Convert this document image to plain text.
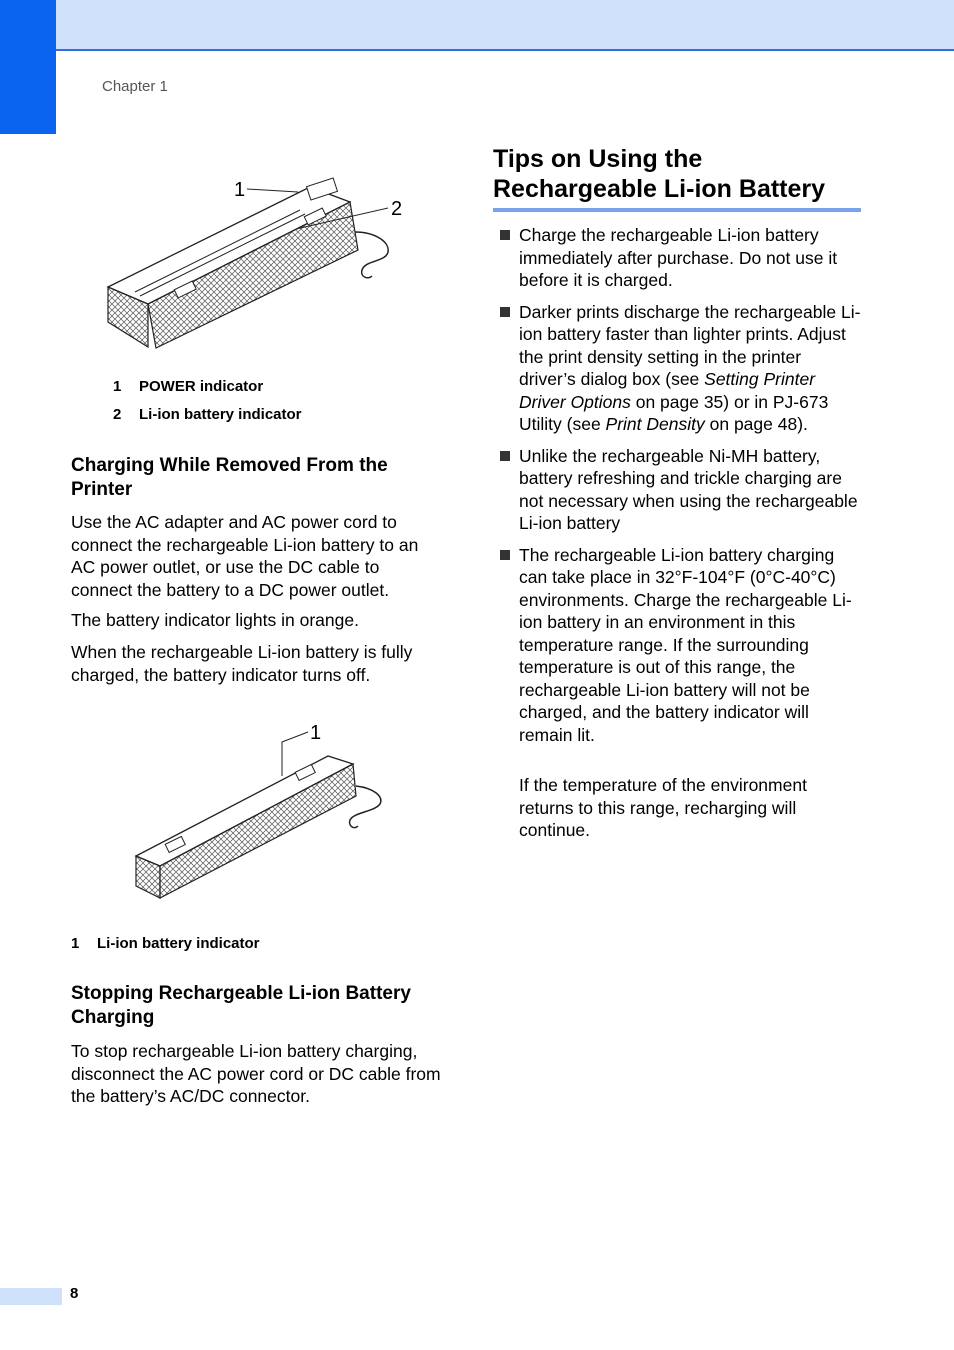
Chapter 1
1
2
1 POWER indicator
2 Li-ion battery indicator
Charging While Removed From the Printer

Use the AC adapter and AC power cord to connect the rechargeable Li-ion battery to an AC power outlet, or use the DC cable to connect the battery to a DC power outlet.

The battery indicator lights in orange.

When the rechargeable Li-ion battery is fully charged, the battery indicator turns off.

1
1 Li-ion battery indicator
Stopping Rechargeable Li-ion Battery Charging

To stop rechargeable Li-ion battery charging, disconnect the AC power cord or DC cable from the battery’s AC/DC connector.

Tips on Using the Rechargeable Li-ion Battery
Charge the rechargeable Li-ion battery immediately after purchase. Do not use it before it is charged.
Darker prints discharge the rechargeable Li-ion battery faster than lighter prints. Adjust the print density setting in the printer driver’s dialog box (see Setting Printer Driver Options on page 35) or in PJ-673 Utility (see Print Density on page 48).
Unlike the rechargeable Ni-MH battery, battery refreshing and trickle charging are not necessary when using the rechargeable Li-ion battery
The rechargeable Li-ion battery charging can take place in 32°F-104°F (0°C-40°C) environments. Charge the rechargeable Li-ion battery in an environment in this temperature range. If the surrounding temperature is out of this range, the rechargeable Li-ion battery will not be charged, and the battery indicator will remain lit.

If the temperature of the environment returns to this range, recharging will continue.

8
